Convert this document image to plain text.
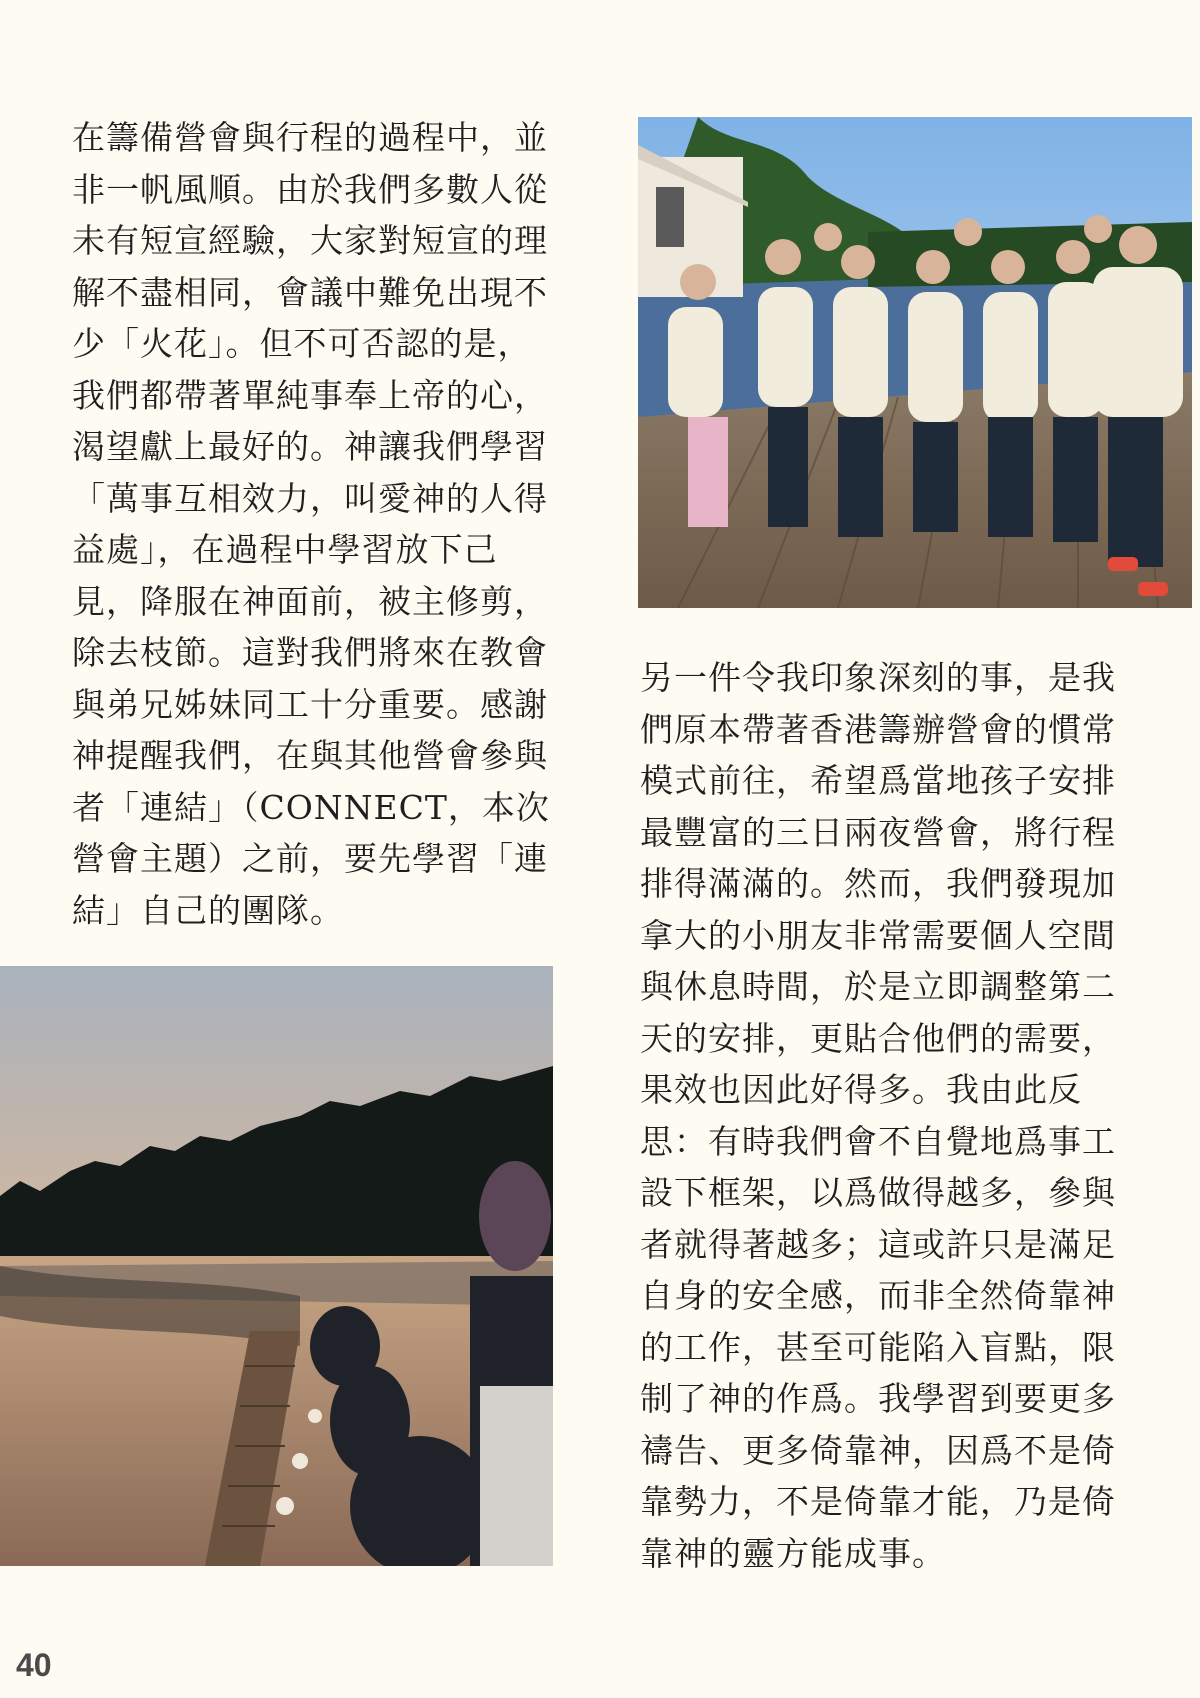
在籌備營會與行程的過程中，並
非一帆風順。由於我們多數人從
未有短宣經驗，大家對短宣的理
解不盡相同，會議中難免出現不
少「火花」。但不可否認的是，
我們都帶著單純事奉上帝的心，
渴望獻上最好的。神讓我們學習
「萬事互相效力，叫愛神的人得
益處」，在過程中學習放下己
見，降服在神面前，被主修剪，
除去枝節。這對我們將來在教會
與弟兄姊妹同工十分重要。感謝
神提醒我們，在與其他營會參與
者「連結」（CONNECT，本次
營會主題）之前，要先學習「連
結」自己的團隊。

另一件令我印象深刻的事，是我
們原本帶著香港籌辦營會的慣常
模式前往，希望爲當地孩子安排
最豐富的三日兩夜營會，將行程
排得滿滿的。然而，我們發現加
拿大的小朋友非常需要個人空間
與休息時間，於是立即調整第二
天的安排，更貼合他們的需要，
果效也因此好得多。我由此反
思：有時我們會不自覺地爲事工
設下框架，以爲做得越多，參與
者就得著越多；這或許只是滿足
自身的安全感，而非全然倚靠神
的工作，甚至可能陷入盲點，限
制了神的作爲。我學習到要更多
禱告、更多倚靠神，因爲不是倚
靠勢力，不是倚靠才能，乃是倚
靠神的靈方能成事。

40
